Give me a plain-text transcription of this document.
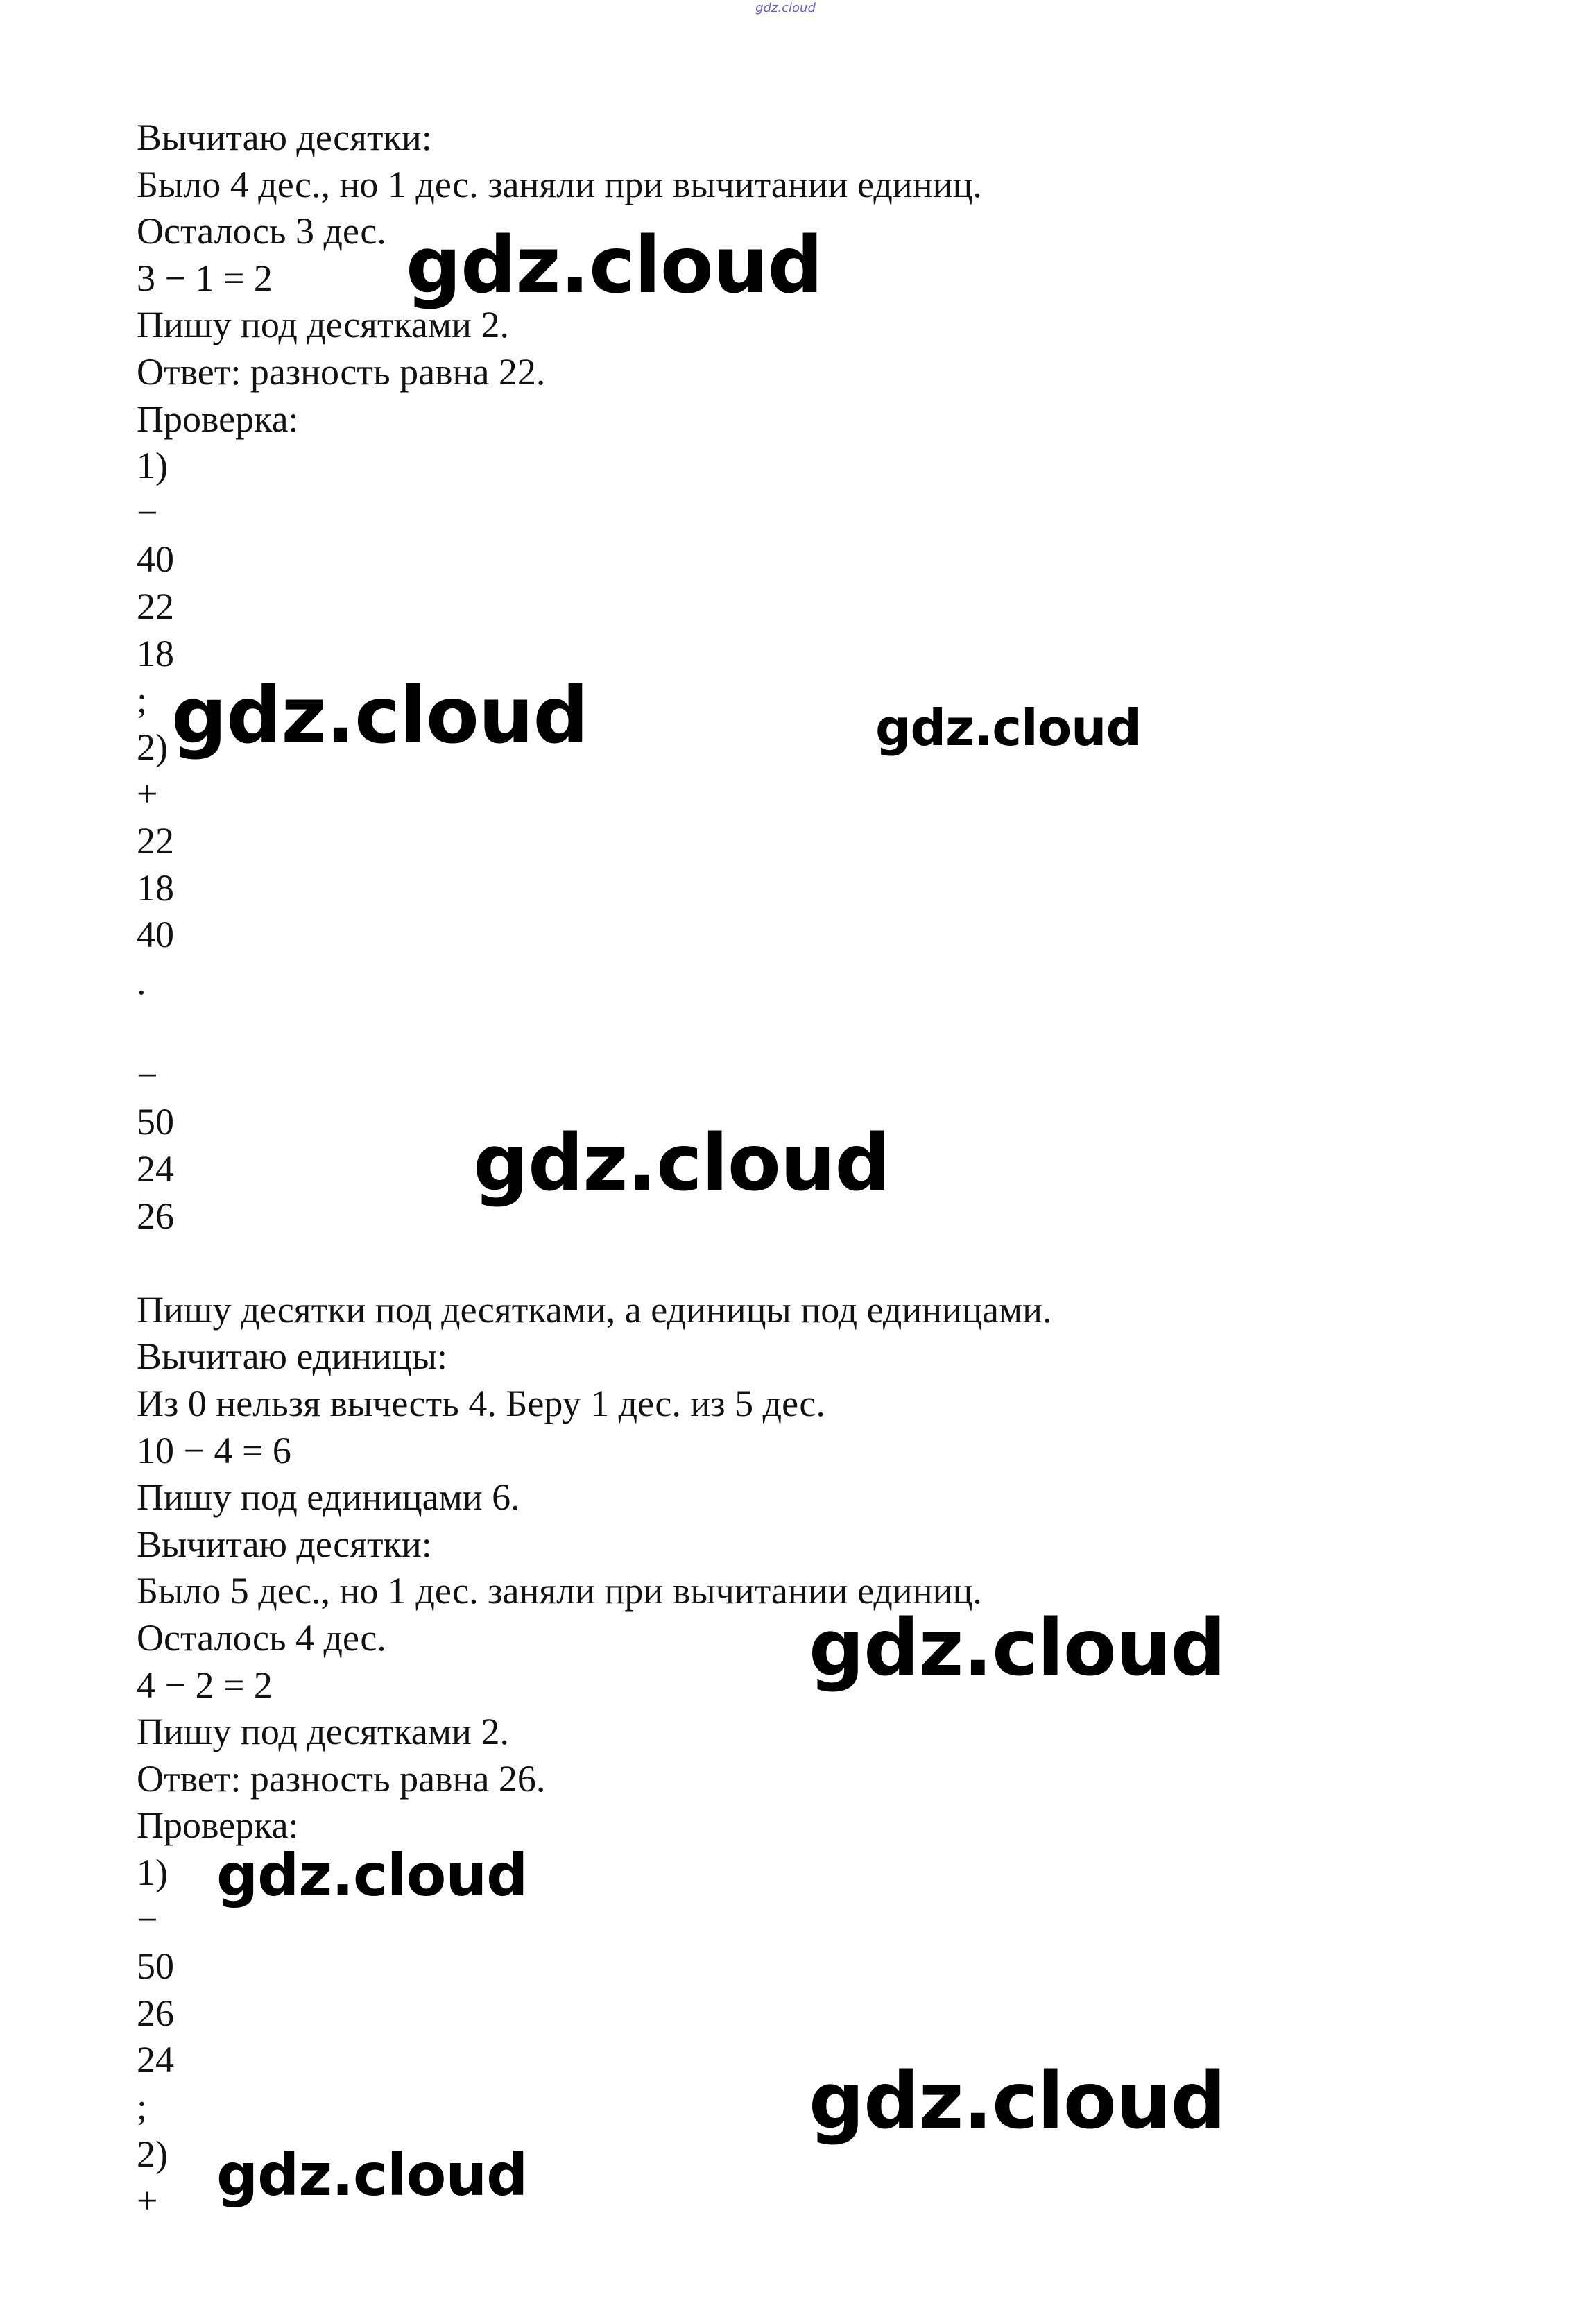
gdz.cloud
Вычитаю десятки:
Было 4 дес., но 1 дес. заняли при вычитании единиц.
Осталось 3 дес.
3 − 1 = 2
Пишу под десятками 2.
Ответ: разность равна 22.
Проверка:
1)
−
40
22
18
;
2)
+
22
18
40
.
−
50
24
26
Пишу десятки под десятками, а единицы под единицами.
Вычитаю единицы:
Из 0 нельзя вычесть 4. Беру 1 дес. из 5 дес.
10 − 4 = 6
Пишу под единицами 6.
Вычитаю десятки:
Было 5 дес., но 1 дес. заняли при вычитании единиц.
Осталось 4 дес.
4 − 2 = 2
Пишу под десятками 2.
Ответ: разность равна 26.
Проверка:
1)
−
50
26
24
;
2)
+
gdz.cloud
gdz.cloud	gdz.cloud
gdz.cloud
gdz.cloud
gdz.cloud
gdz.cloud
gdz.cloud
